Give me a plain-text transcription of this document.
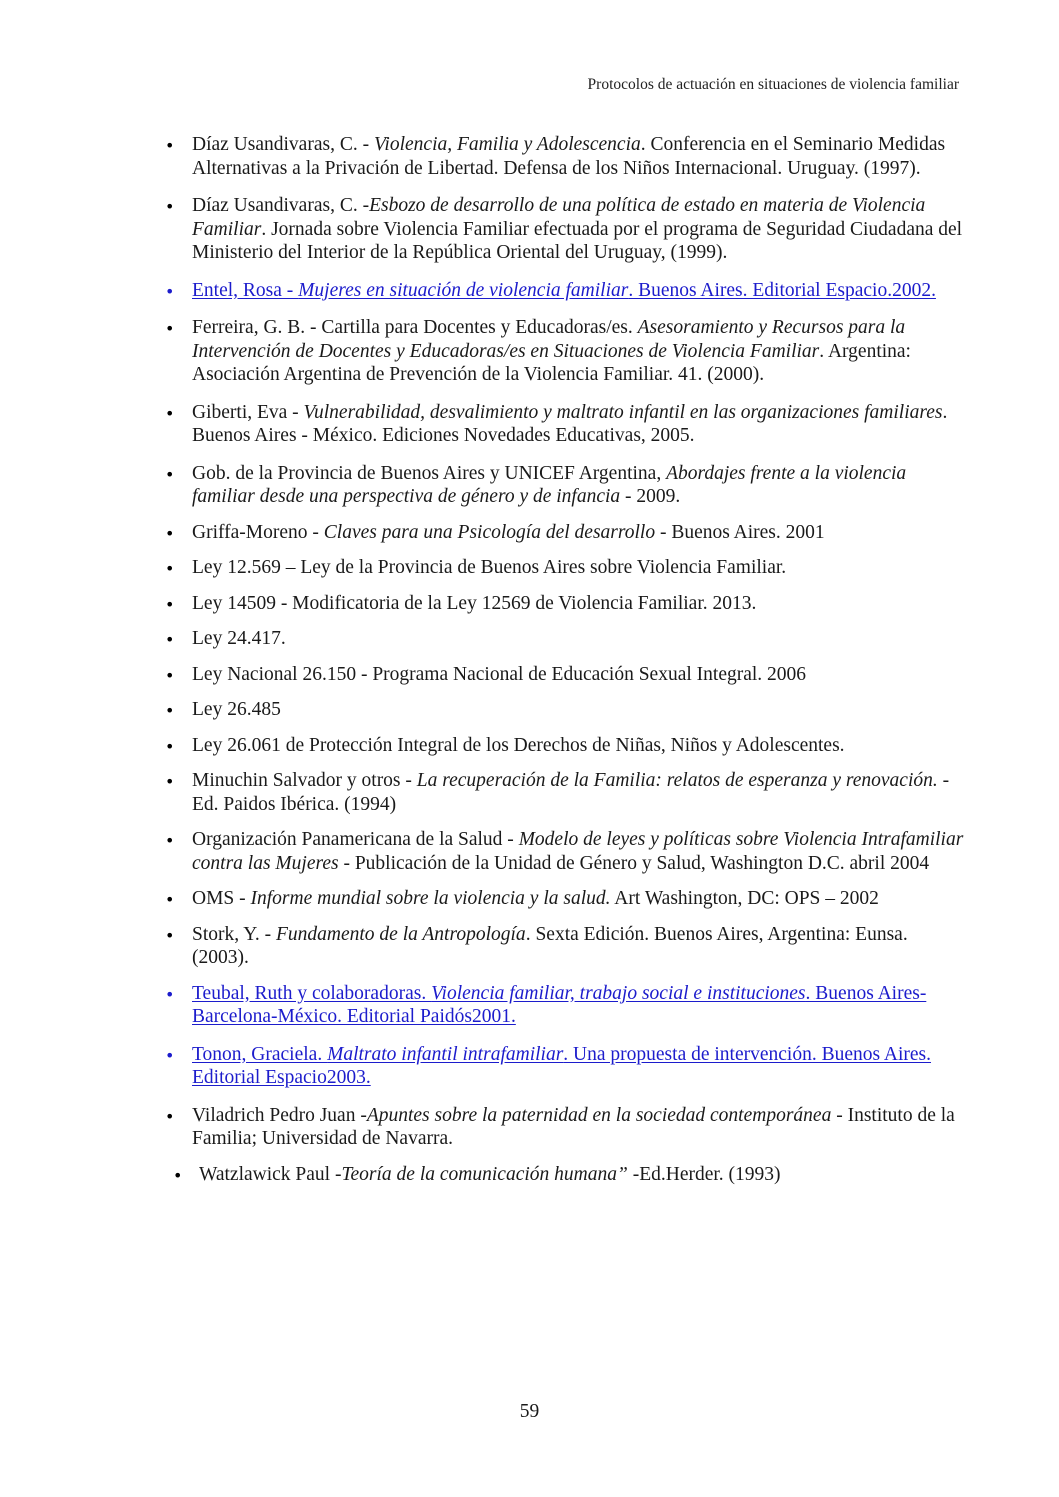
Protocolos de actuación en situaciones de violencia familiar
• Díaz Usandivaras, C. - Violencia, Familia y Adolescencia. Conferencia en el Seminario Medidas Alternativas a la Privación de Libertad. Defensa de los Niños Internacional. Uruguay. (1997).
• Díaz Usandivaras, C. -Esbozo de desarrollo de una política de estado en materia de Violencia Familiar. Jornada sobre Violencia Familiar efectuada por el programa de Seguridad Ciudadana del Ministerio del Interior de la República Oriental del Uruguay, (1999).
• Entel, Rosa - Mujeres en situación de violencia familiar. Buenos Aires. Editorial Espacio.2002.
• Ferreira, G. B. - Cartilla para Docentes y Educadoras/es. Asesoramiento y Recursos para la Intervención de Docentes y Educadoras/es en Situaciones de Violencia Familiar. Argentina: Asociación Argentina de Prevención de la Violencia Familiar. 41. (2000).
• Giberti, Eva - Vulnerabilidad, desvalimiento y maltrato infantil en las organizaciones familiares. Buenos Aires - México. Ediciones Novedades Educativas, 2005.
• Gob. de la Provincia de Buenos Aires y UNICEF Argentina, Abordajes frente a la violencia familiar desde una perspectiva de género y de infancia - 2009.
• Griffa-Moreno - Claves para una Psicología del desarrollo - Buenos Aires. 2001
• Ley 12.569 – Ley de la Provincia de Buenos Aires sobre Violencia Familiar.
• Ley 14509 - Modificatoria de la Ley 12569 de Violencia Familiar. 2013.
• Ley 24.417.
• Ley Nacional 26.150 - Programa Nacional de Educación Sexual Integral. 2006
• Ley 26.485
• Ley 26.061 de Protección Integral de los Derechos de Niñas, Niños y Adolescentes.
• Minuchin Salvador y otros - La recuperación de la Familia: relatos de esperanza y renovación. - Ed. Paidos Ibérica. (1994)
• Organización Panamericana de la Salud - Modelo de leyes y políticas sobre Violencia Intrafamiliar contra las Mujeres - Publicación de la Unidad de Género y Salud, Washington D.C. abril 2004
• OMS - Informe mundial sobre la violencia y la salud. Art Washington, DC: OPS – 2002
• Stork, Y. - Fundamento de la Antropología. Sexta Edición. Buenos Aires, Argentina: Eunsa. (2003).
• Teubal, Ruth y colaboradoras. Violencia familiar, trabajo social e instituciones. Buenos Aires-Barcelona-México. Editorial Paidós2001.
• Tonon, Graciela. Maltrato infantil intrafamiliar. Una propuesta de intervención. Buenos Aires. Editorial Espacio2003.
• Viladrich Pedro Juan -Apuntes sobre la paternidad en la sociedad contemporánea - Instituto de la Familia; Universidad de Navarra.
• Watzlawick Paul -Teoría de la comunicación humana” -Ed.Herder. (1993)
59
